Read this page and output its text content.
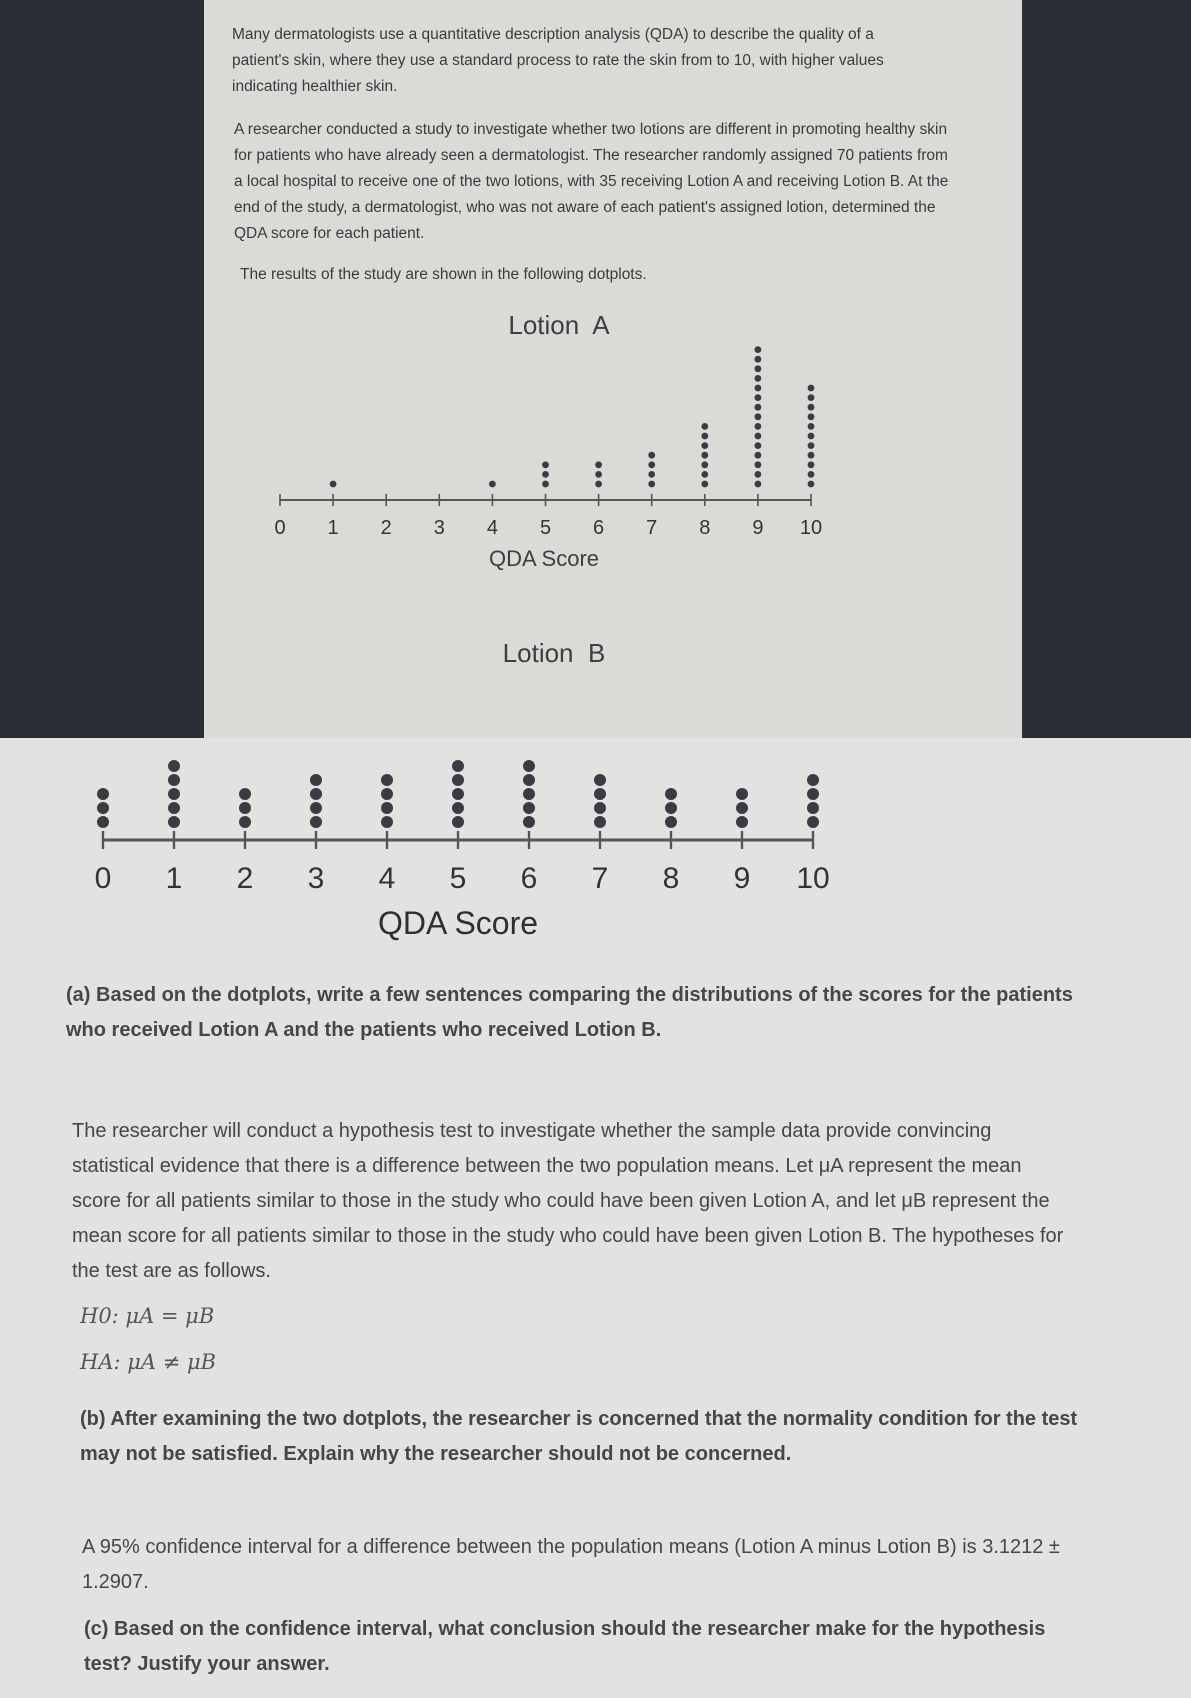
Many dermatologists use a quantitative description analysis (QDA) to describe the quality of a patient's skin, where they use a standard process to rate the skin from to 10, with higher values indicating healthier skin.

A researcher conducted a study to investigate whether two lotions are different in promoting healthy skin for patients who have already seen a dermatologist. The researcher randomly assigned 70 patients from a local hospital to receive one of the two lotions, with 35 receiving Lotion A and receiving Lotion B. At the end of the study, a dermatologist, who was not aware of each patient's assigned lotion, determined the QDA score for each patient.

The results of the study are shown in the following dotplots.

Lotion  A
0 1 2 3 4 5 6 7 8 9 10
QDA Score
Lotion  B
0 1 2 3 4 5 6 7 8 9 10
QDA Score

(a) Based on the dotplots, write a few sentences comparing the distributions of the scores for the patients who received Lotion A and the patients who received Lotion B.

The researcher will conduct a hypothesis test to investigate whether the sample data provide convincing statistical evidence that there is a difference between the two population means. Let μA represent the mean score for all patients similar to those in the study who could have been given Lotion A, and let μB represent the mean score for all patients similar to those in the study who could have been given Lotion B. The hypotheses for the test are as follows.

H0: μA = μB
HA: μA ≠ μB

(b) After examining the two dotplots, the researcher is concerned that the normality condition for the test may not be satisfied. Explain why the researcher should not be concerned.

A 95% confidence interval for a difference between the population means (Lotion A minus Lotion B) is 3.1212 ± 1.2907.

(c) Based on the confidence interval, what conclusion should the researcher make for the hypothesis test? Justify your answer.
